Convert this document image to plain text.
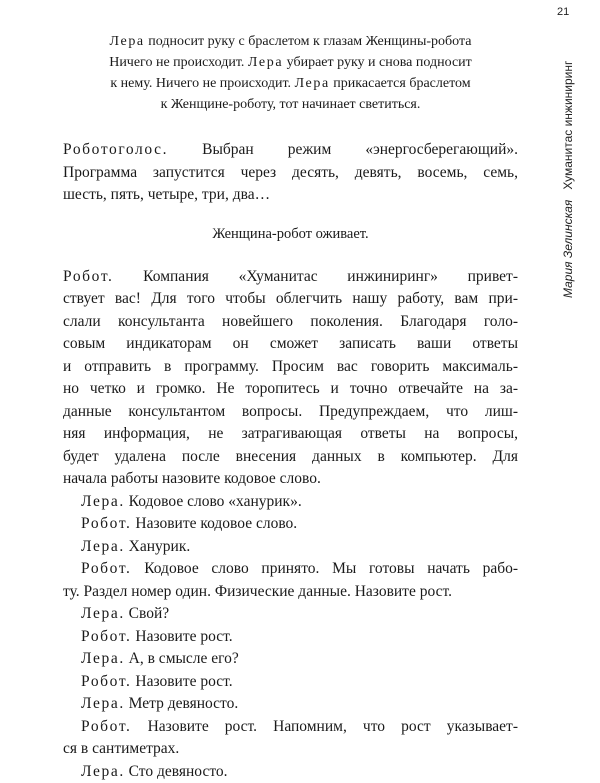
21
Мария Зелинская   Хуманитас инжиниринг
Лера подносит руку с браслетом к глазам Женщины-робота
Ничего не происходит. Лера убирает руку и снова подносит
к нему. Ничего не происходит. Лера прикасается браслетом
к Женщине-роботу, тот начинает светиться.
Роботоголос. Выбран режим «энергосберегающий».
Программа запустится через десять, девять, восемь, семь,
шесть, пять, четыре, три, два…
Женщина-робот оживает.
Робот. Компания «Хуманитас инжиниринг» привет-
ствует вас! Для того чтобы облегчить нашу работу, вам при-
слали консультанта новейшего поколения. Благодаря голо-
совым индикаторам он сможет записать ваши ответы
и отправить в программу. Просим вас говорить максималь-
но четко и громко. Не торопитесь и точно отвечайте на за-
данные консультантом вопросы. Предупреждаем, что лиш-
няя информация, не затрагивающая ответы на вопросы,
будет удалена после внесения данных в компьютер. Для
начала работы назовите кодовое слово.
Лера. Кодовое слово «ханурик».
Робот. Назовите кодовое слово.
Лера. Ханурик.
Робот. Кодовое слово принято. Мы готовы начать рабо-
ту. Раздел номер один. Физические данные. Назовите рост.
Лера. Свой?
Робот. Назовите рост.
Лера. А, в смысле его?
Робот. Назовите рост.
Лера. Метр девяносто.
Робот. Назовите рост. Напомним, что рост указывает-
ся в сантиметрах.
Лера. Сто девяносто.
